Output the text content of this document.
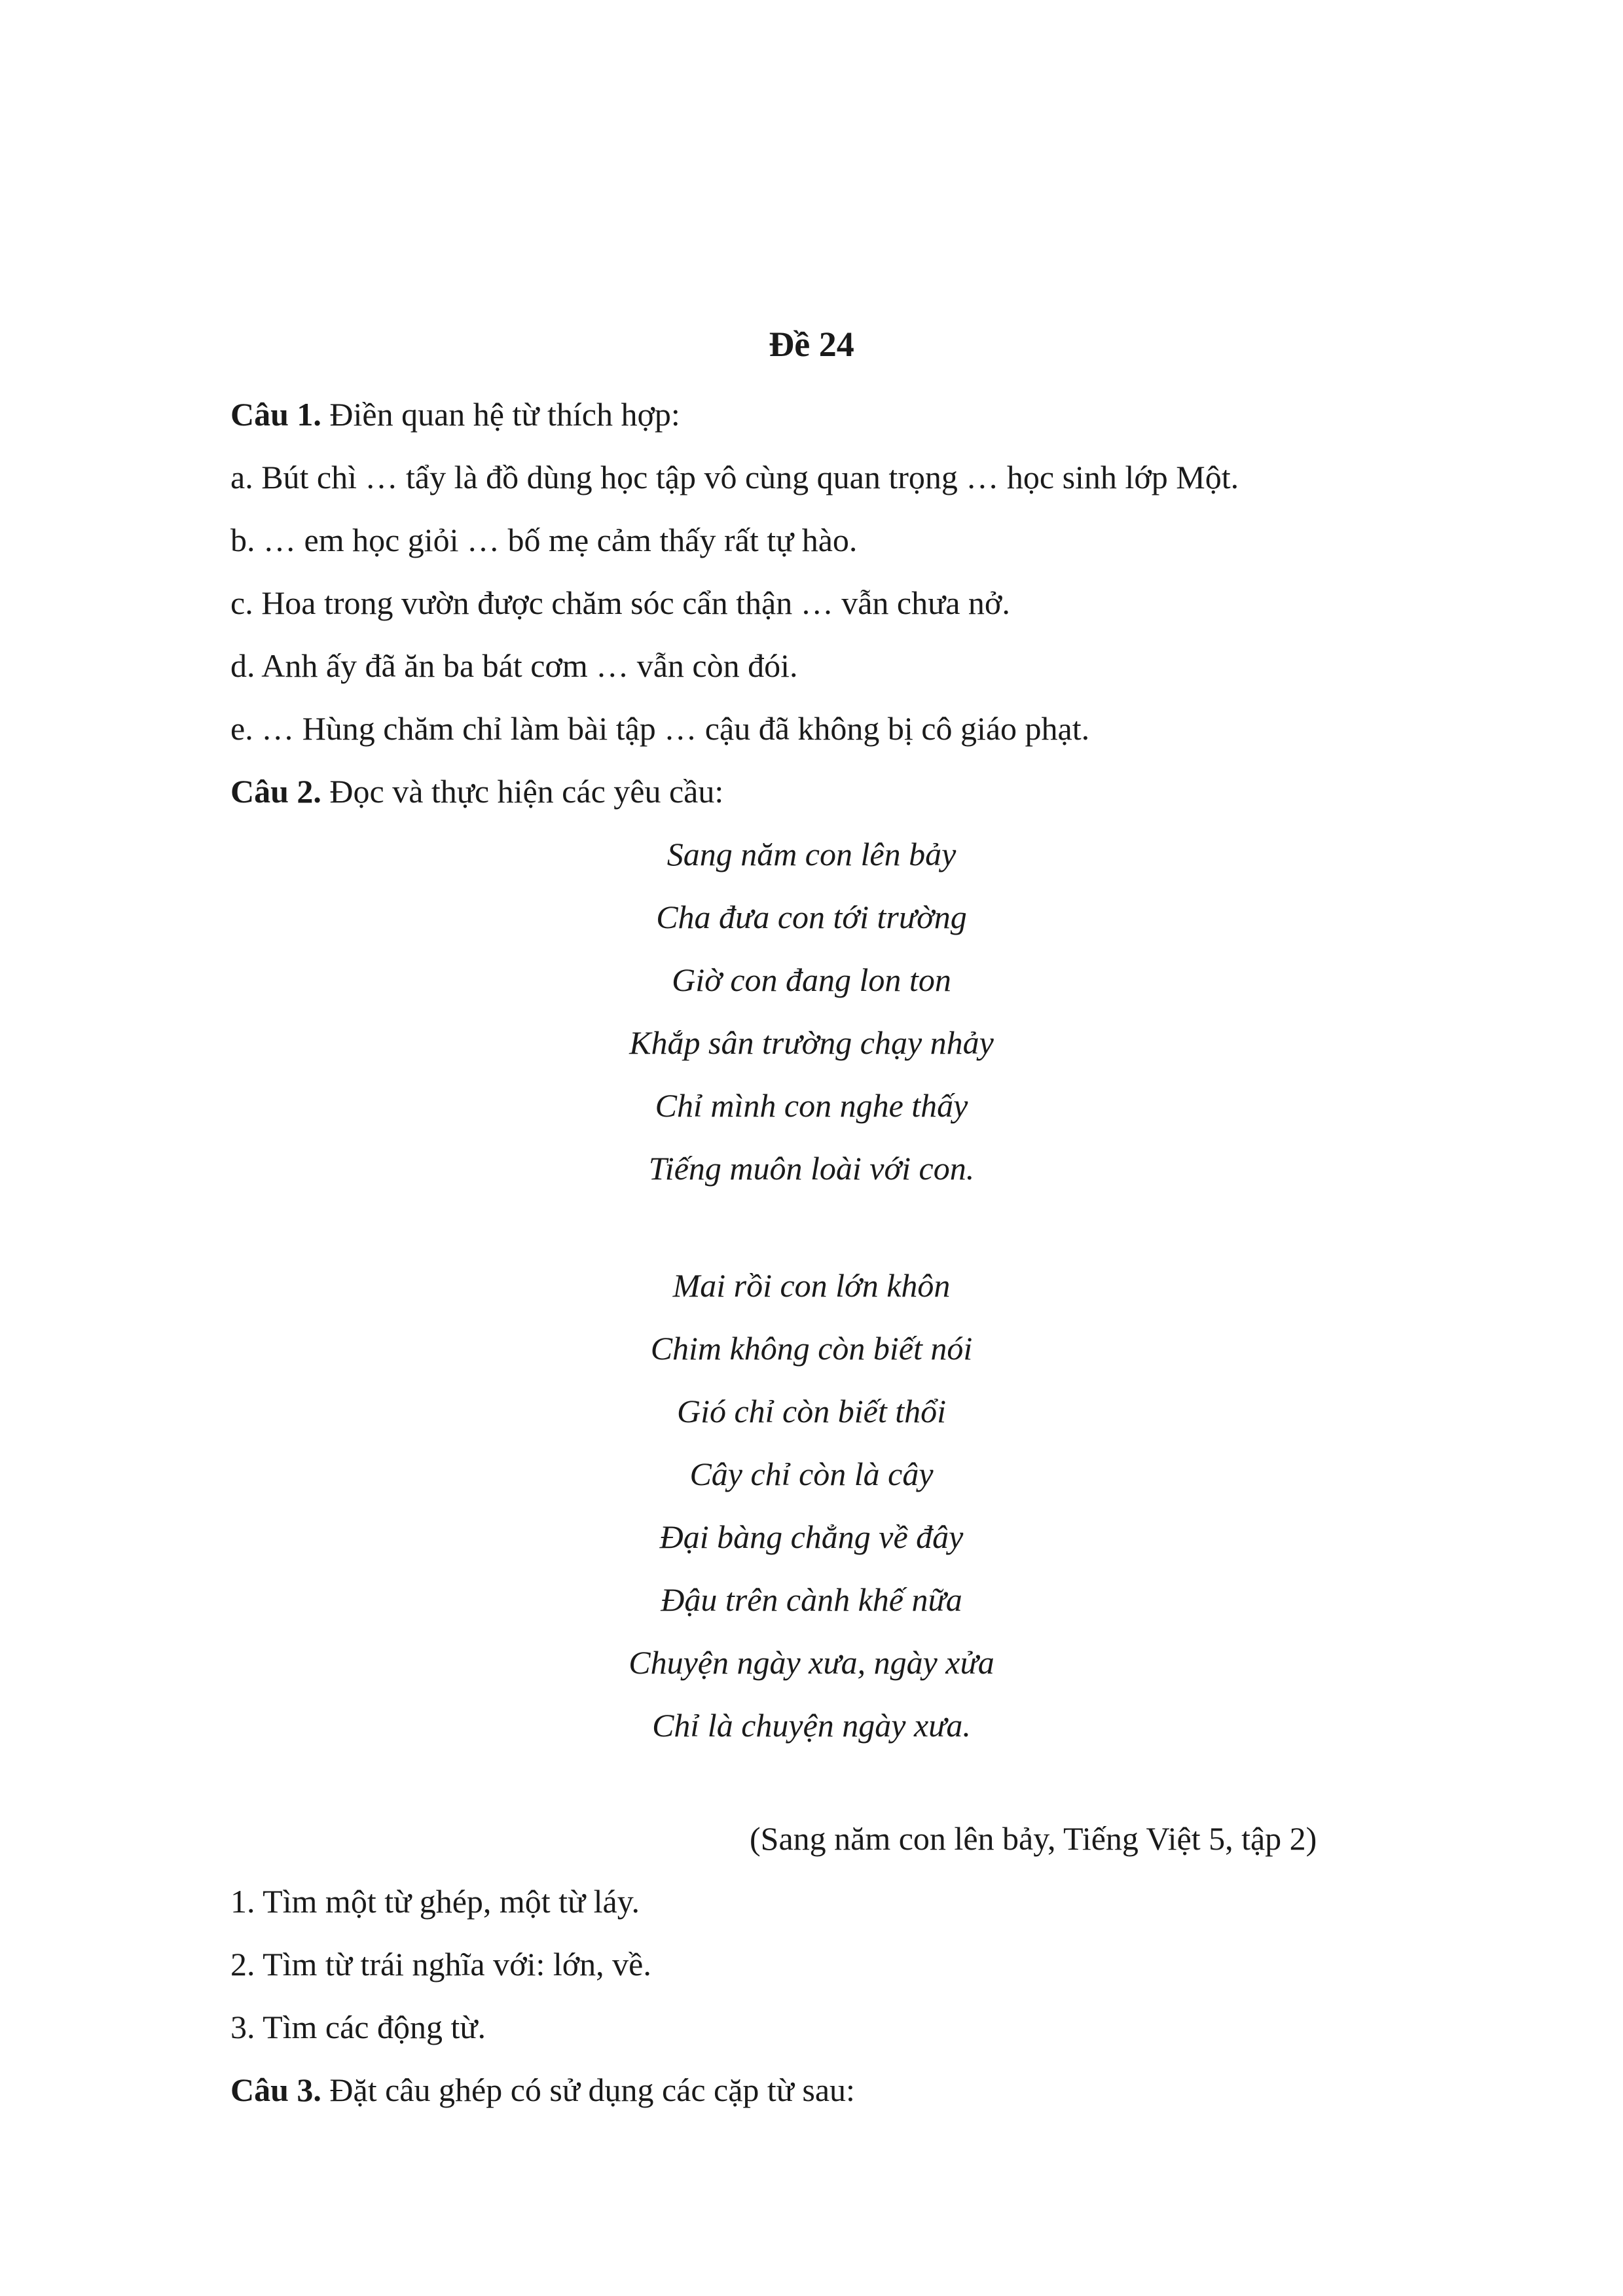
Đề 24
Câu 1. Điền quan hệ từ thích hợp:
a. Bút chì … tẩy là đồ dùng học tập vô cùng quan trọng … học sinh lớp Một.
b. … em học giỏi … bố mẹ cảm thấy rất tự hào.
c. Hoa trong vườn được chăm sóc cẩn thận … vẫn chưa nở.
d. Anh ấy đã ăn ba bát cơm … vẫn còn đói.
e. … Hùng chăm chỉ làm bài tập … cậu đã không bị cô giáo phạt.
Câu 2. Đọc và thực hiện các yêu cầu:
Sang năm con lên bảy
Cha đưa con tới trường
Giờ con đang lon ton
Khắp sân trường chạy nhảy
Chỉ mình con nghe thấy
Tiếng muôn loài với con.
Mai rồi con lớn khôn
Chim không còn biết nói
Gió chỉ còn biết thổi
Cây chỉ còn là cây
Đại bàng chẳng về đây
Đậu trên cành khế nữa
Chuyện ngày xưa, ngày xửa
Chỉ là chuyện ngày xưa.
(Sang năm con lên bảy, Tiếng Việt 5, tập 2)
1. Tìm một từ ghép, một từ láy.
2. Tìm từ trái nghĩa với: lớn, về.
3. Tìm các động từ.
Câu 3. Đặt câu ghép có sử dụng các cặp từ sau:
